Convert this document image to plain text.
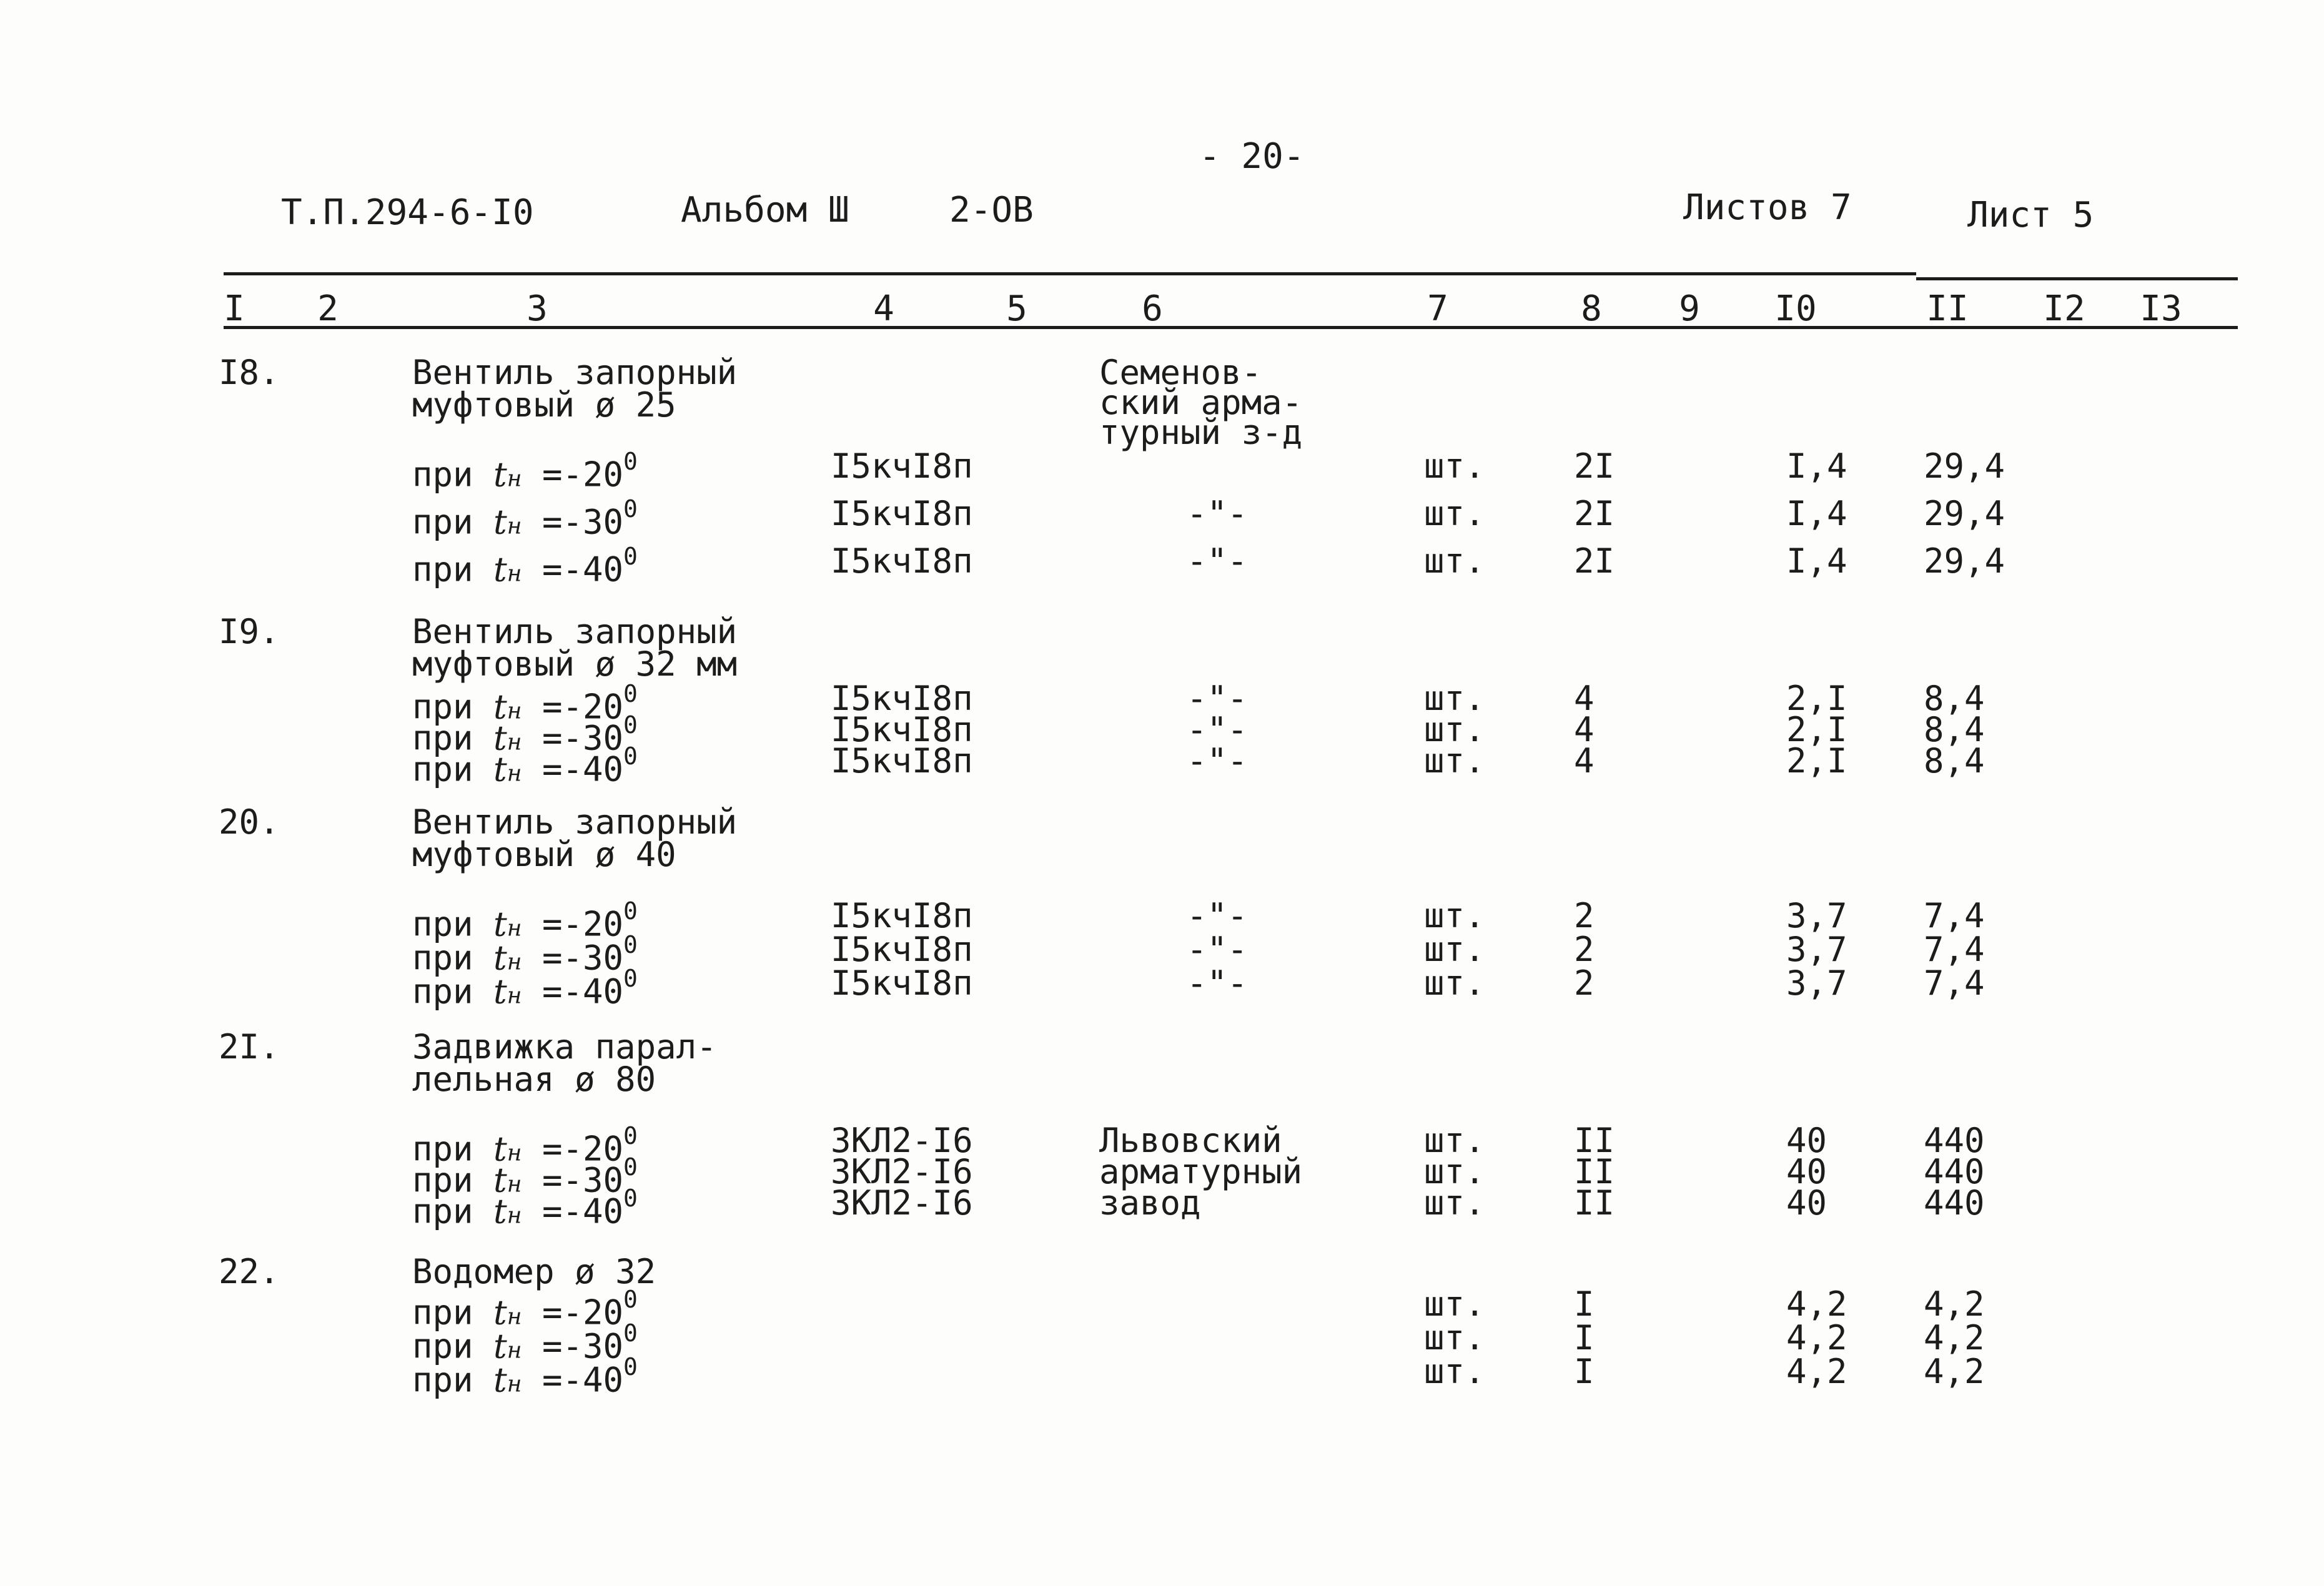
- 20-
Т.П.294-6-I0	Альбом Ш	2-ОВ	Листов 7	Лист 5
I 2	3	4	5	6	7	8 9 I0	II I2 I3
I8.	Вентиль запорный
муфтовый ø 25
Семенов-
ский арма-
турный з-д
при tн $=-20^0$	I5кчI8п	шт.	2I	I,4 29,4
при tн $=-30^0$	I5кчI8п	-"-	шт.	2I	I,4 29,4
при tн $=-40^0$	I5кчI8п	-"-	шт.	2I	I,4 29,4
I9.	Вентиль запорный
муфтовый ø 32 мм
при tн $=-20^0$	I5кчI8п	-"-	шт.	4	2,I 8,4
при tн $=-30^0$	I5кчI8п	-"-	шт.	4	2,I 8,4
при tн $=-40^0$	I5кчI8п	-"-	шт.	4	2,I 8,4
20.	Вентиль запорный
муфтовый ø 40
при tн $=-20^0$	I5кчI8п	-"-	шт.	2	3,7 7,4
при tн $=-30^0$	I5кчI8п	-"-	шт.	2	3,7 7,4
при tн $=-40^0$	I5кчI8п	-"-	шт.	2	3,7 7,4
2I.	Задвижка парал-
лельная ø 80
при tн $=-20^0$	3КЛ2-I6	Львовский	шт.	II	40	440
при tн $=-30^0$	3КЛ2-I6	арматурный	шт.	II	40	440
при tн $=-40^0$	3КЛ2-I6	завод	шт.	II	40	440
22.	Водомер ø 32
при tн $=-20^0$	шт.	I	4,2 4,2
при tн $=-30^0$	шт.	I	4,2 4,2
при tн $=-40^0$	шт.	I	4,2 4,2
